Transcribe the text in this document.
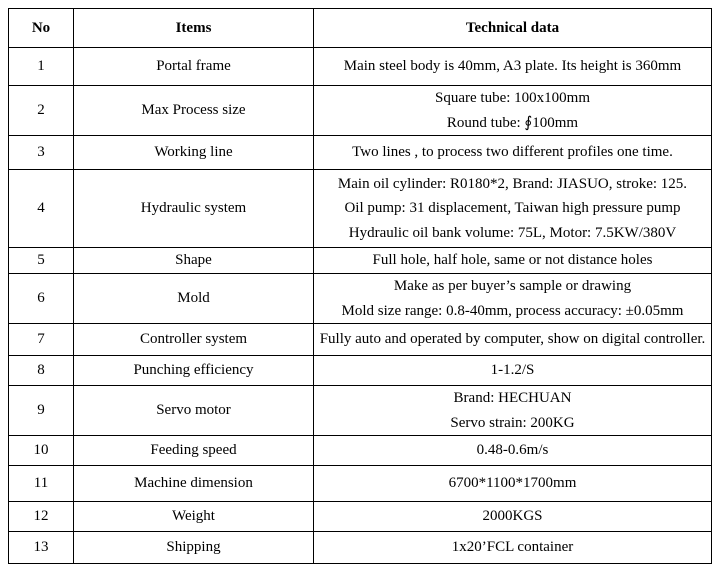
No	Items	Technical data
1	Portal frame	Main steel body is 40mm, A3 plate. Its height is 360mm

2	Max Process size	Square tube: 100x100mm
Round tube: ∮100mm

3	Working line	Two lines , to process two different profiles one time.

4	Hydraulic system	Main oil cylinder: R0180*2, Brand: JIASUO, stroke: 125.
Oil pump: 31 displacement, Taiwan high pressure pump
Hydraulic oil bank volume: 75L, Motor: 7.5KW/380V

5	Shape	Full hole, half hole, same or not distance holes

6	Mold	Make as per buyer’s sample or drawing
Mold size range: 0.8-40mm, process accuracy: ±0.05mm

7	Controller system	Fully auto and operated by computer, show on digital controller.

8	Punching efficiency	1-1.2/S

9	Servo motor	Brand: HECHUAN
Servo strain: 200KG

10	Feeding speed	0.48-0.6m/s

11	Machine dimension	6700*1100*1700mm

12	Weight	2000KGS

13	Shipping	1x20’FCL container
